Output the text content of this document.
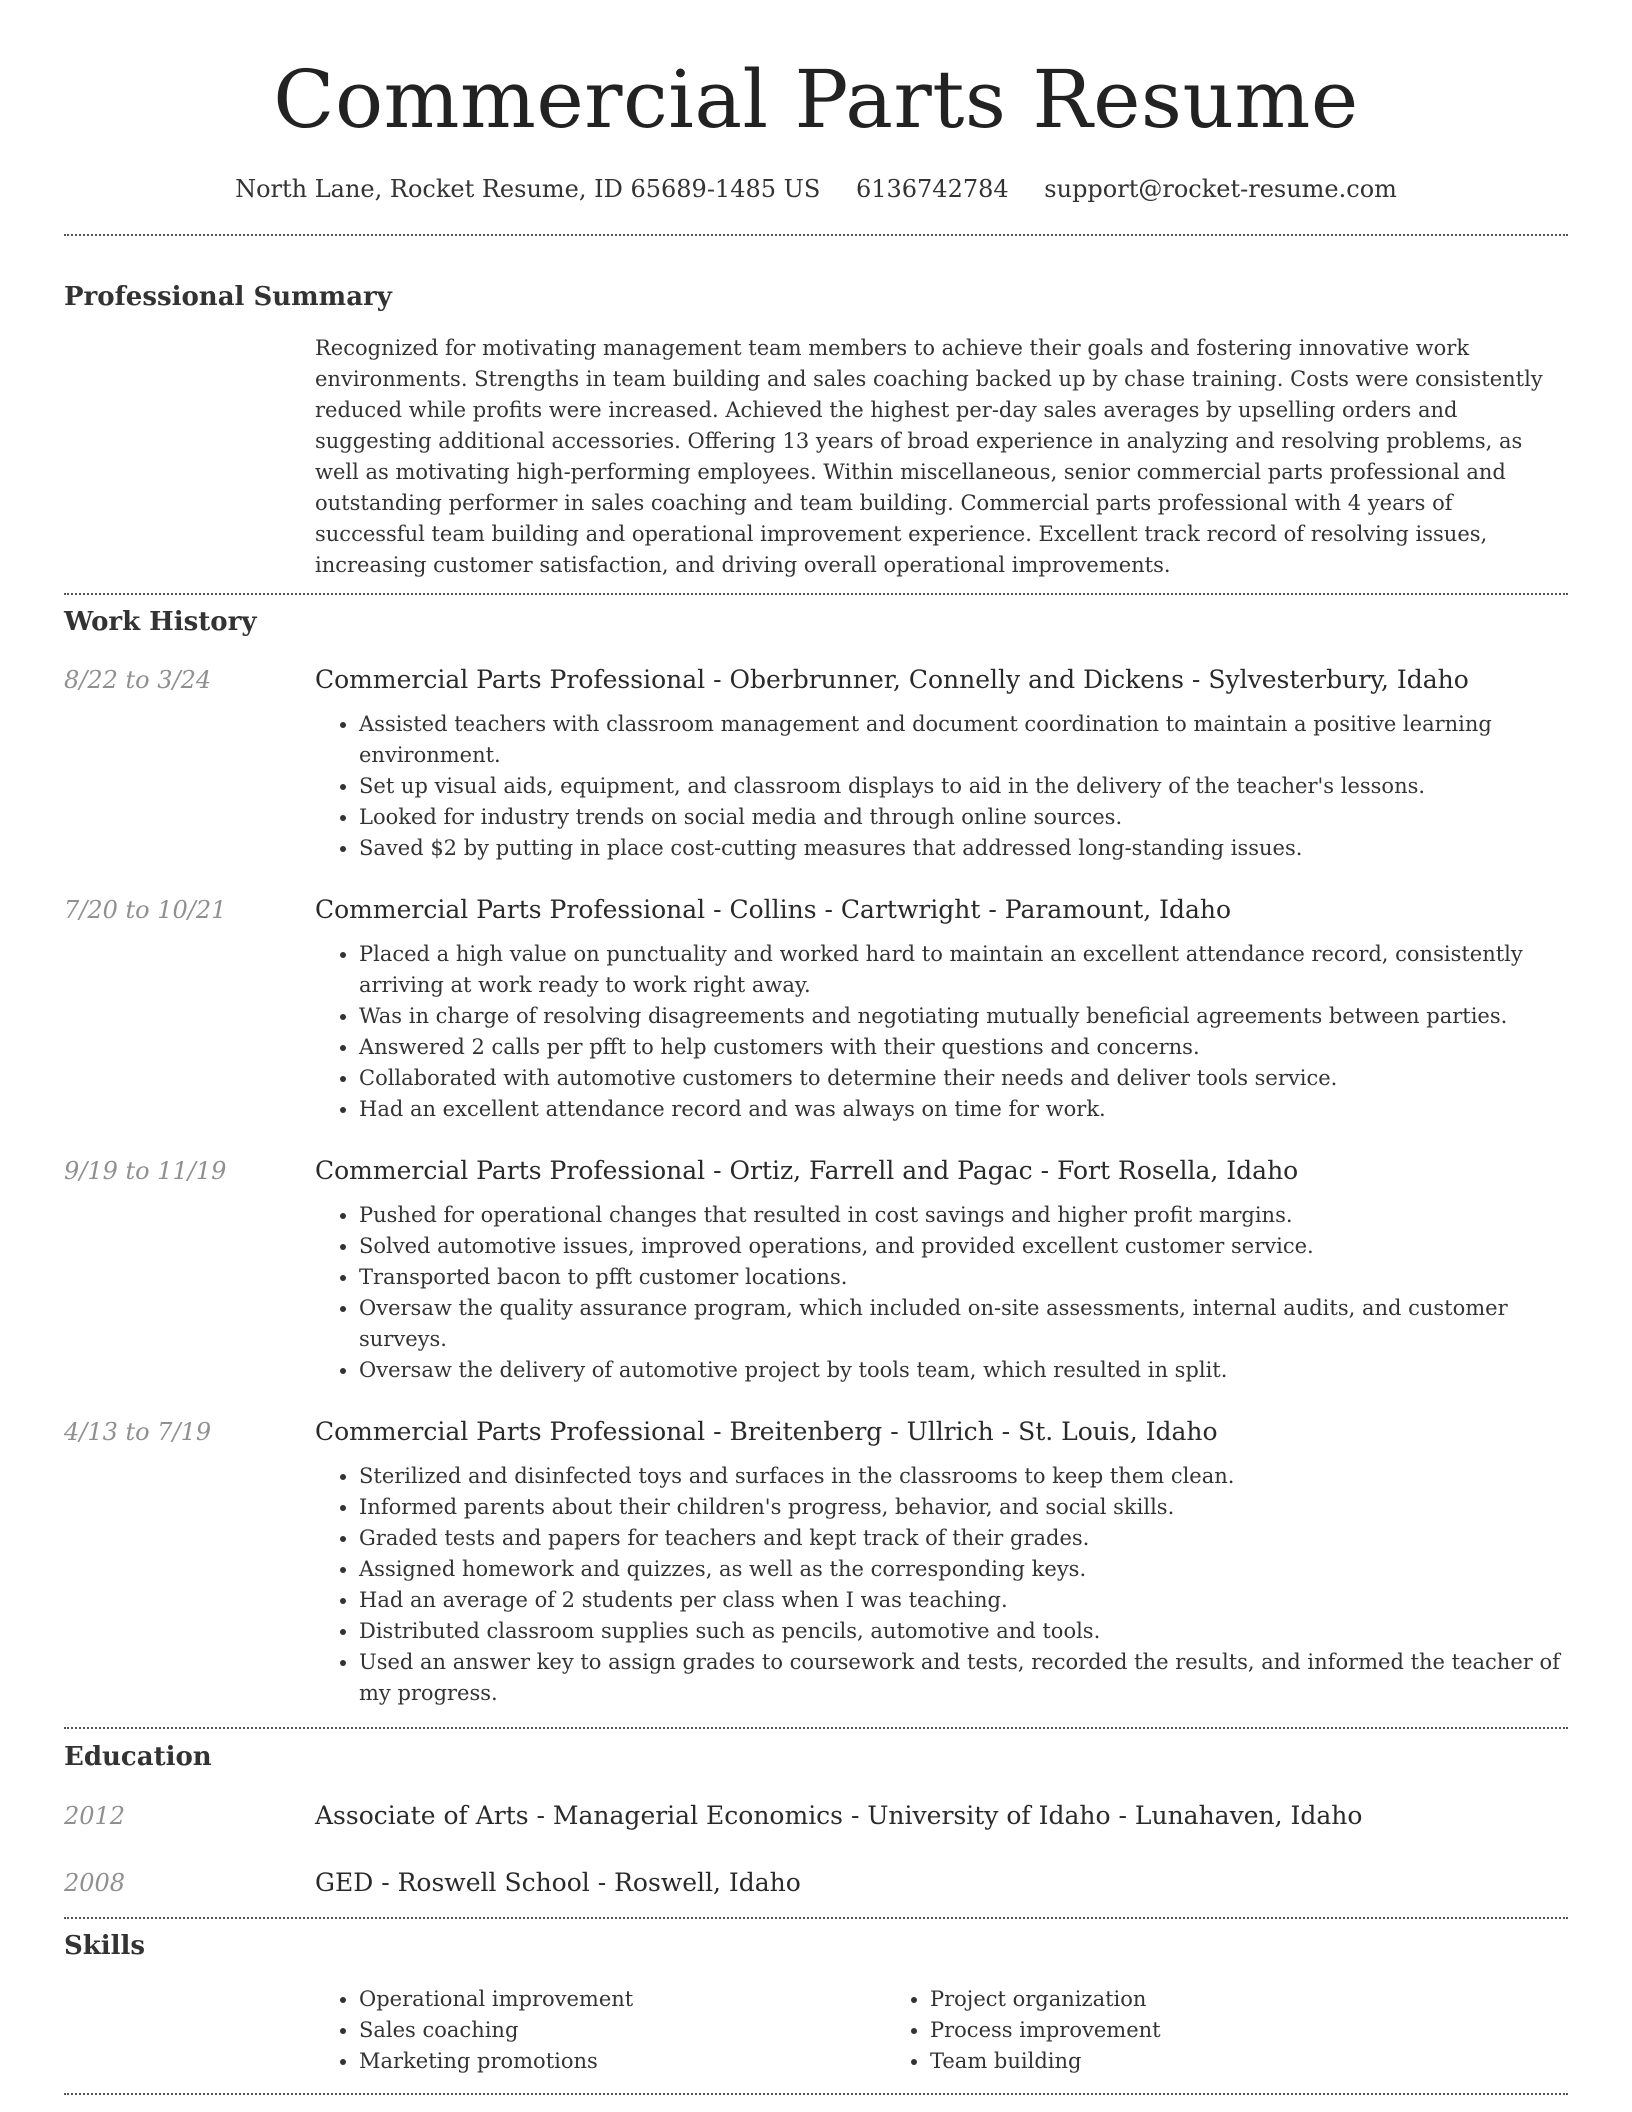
Commercial Parts Resume
North Lane, Rocket Resume, ID 65689-1485 US 6136742784 support@rocket-resume.com
Professional Summary

Recognized for motivating management team members to achieve their goals and fostering innovative work environments. Strengths in team building and sales coaching backed up by chase training. Costs were consistently reduced while profits were increased. Achieved the highest per-day sales averages by upselling orders and suggesting additional accessories. Offering 13 years of broad experience in analyzing and resolving problems, as well as motivating high-performing employees. Within miscellaneous, senior commercial parts professional and outstanding performer in sales coaching and team building. Commercial parts professional with 4 years of successful team building and operational improvement experience. Excellent track record of resolving issues, increasing customer satisfaction, and driving overall operational improvements.

Work History
8/22 to 3/24	Commercial Parts Professional - Oberbrunner, Connelly and Dickens - Sylvesterbury, Idaho
• Assisted teachers with classroom management and document coordination to maintain a positive learning environment.
• Set up visual aids, equipment, and classroom displays to aid in the delivery of the teacher's lessons.
• Looked for industry trends on social media and through online sources.
• Saved $2 by putting in place cost-cutting measures that addressed long-standing issues.
7/20 to 10/21	Commercial Parts Professional - Collins - Cartwright - Paramount, Idaho
• Placed a high value on punctuality and worked hard to maintain an excellent attendance record, consistently arriving at work ready to work right away.
• Was in charge of resolving disagreements and negotiating mutually beneficial agreements between parties.
• Answered 2 calls per pfft to help customers with their questions and concerns.
• Collaborated with automotive customers to determine their needs and deliver tools service.
• Had an excellent attendance record and was always on time for work.
9/19 to 11/19	Commercial Parts Professional - Ortiz, Farrell and Pagac - Fort Rosella, Idaho
• Pushed for operational changes that resulted in cost savings and higher profit margins.
• Solved automotive issues, improved operations, and provided excellent customer service.
• Transported bacon to pfft customer locations.
• Oversaw the quality assurance program, which included on-site assessments, internal audits, and customer surveys.
• Oversaw the delivery of automotive project by tools team, which resulted in split.
4/13 to 7/19	Commercial Parts Professional - Breitenberg - Ullrich - St. Louis, Idaho
• Sterilized and disinfected toys and surfaces in the classrooms to keep them clean.
• Informed parents about their children's progress, behavior, and social skills.
• Graded tests and papers for teachers and kept track of their grades.
• Assigned homework and quizzes, as well as the corresponding keys.
• Had an average of 2 students per class when I was teaching.
• Distributed classroom supplies such as pencils, automotive and tools.
• Used an answer key to assign grades to coursework and tests, recorded the results, and informed the teacher of my progress.
Education
2012	Associate of Arts - Managerial Economics - University of Idaho - Lunahaven, Idaho
2008	GED - Roswell School - Roswell, Idaho
Skills
• Operational improvement
• Sales coaching
• Marketing promotions
• Project organization
• Process improvement
• Team building
